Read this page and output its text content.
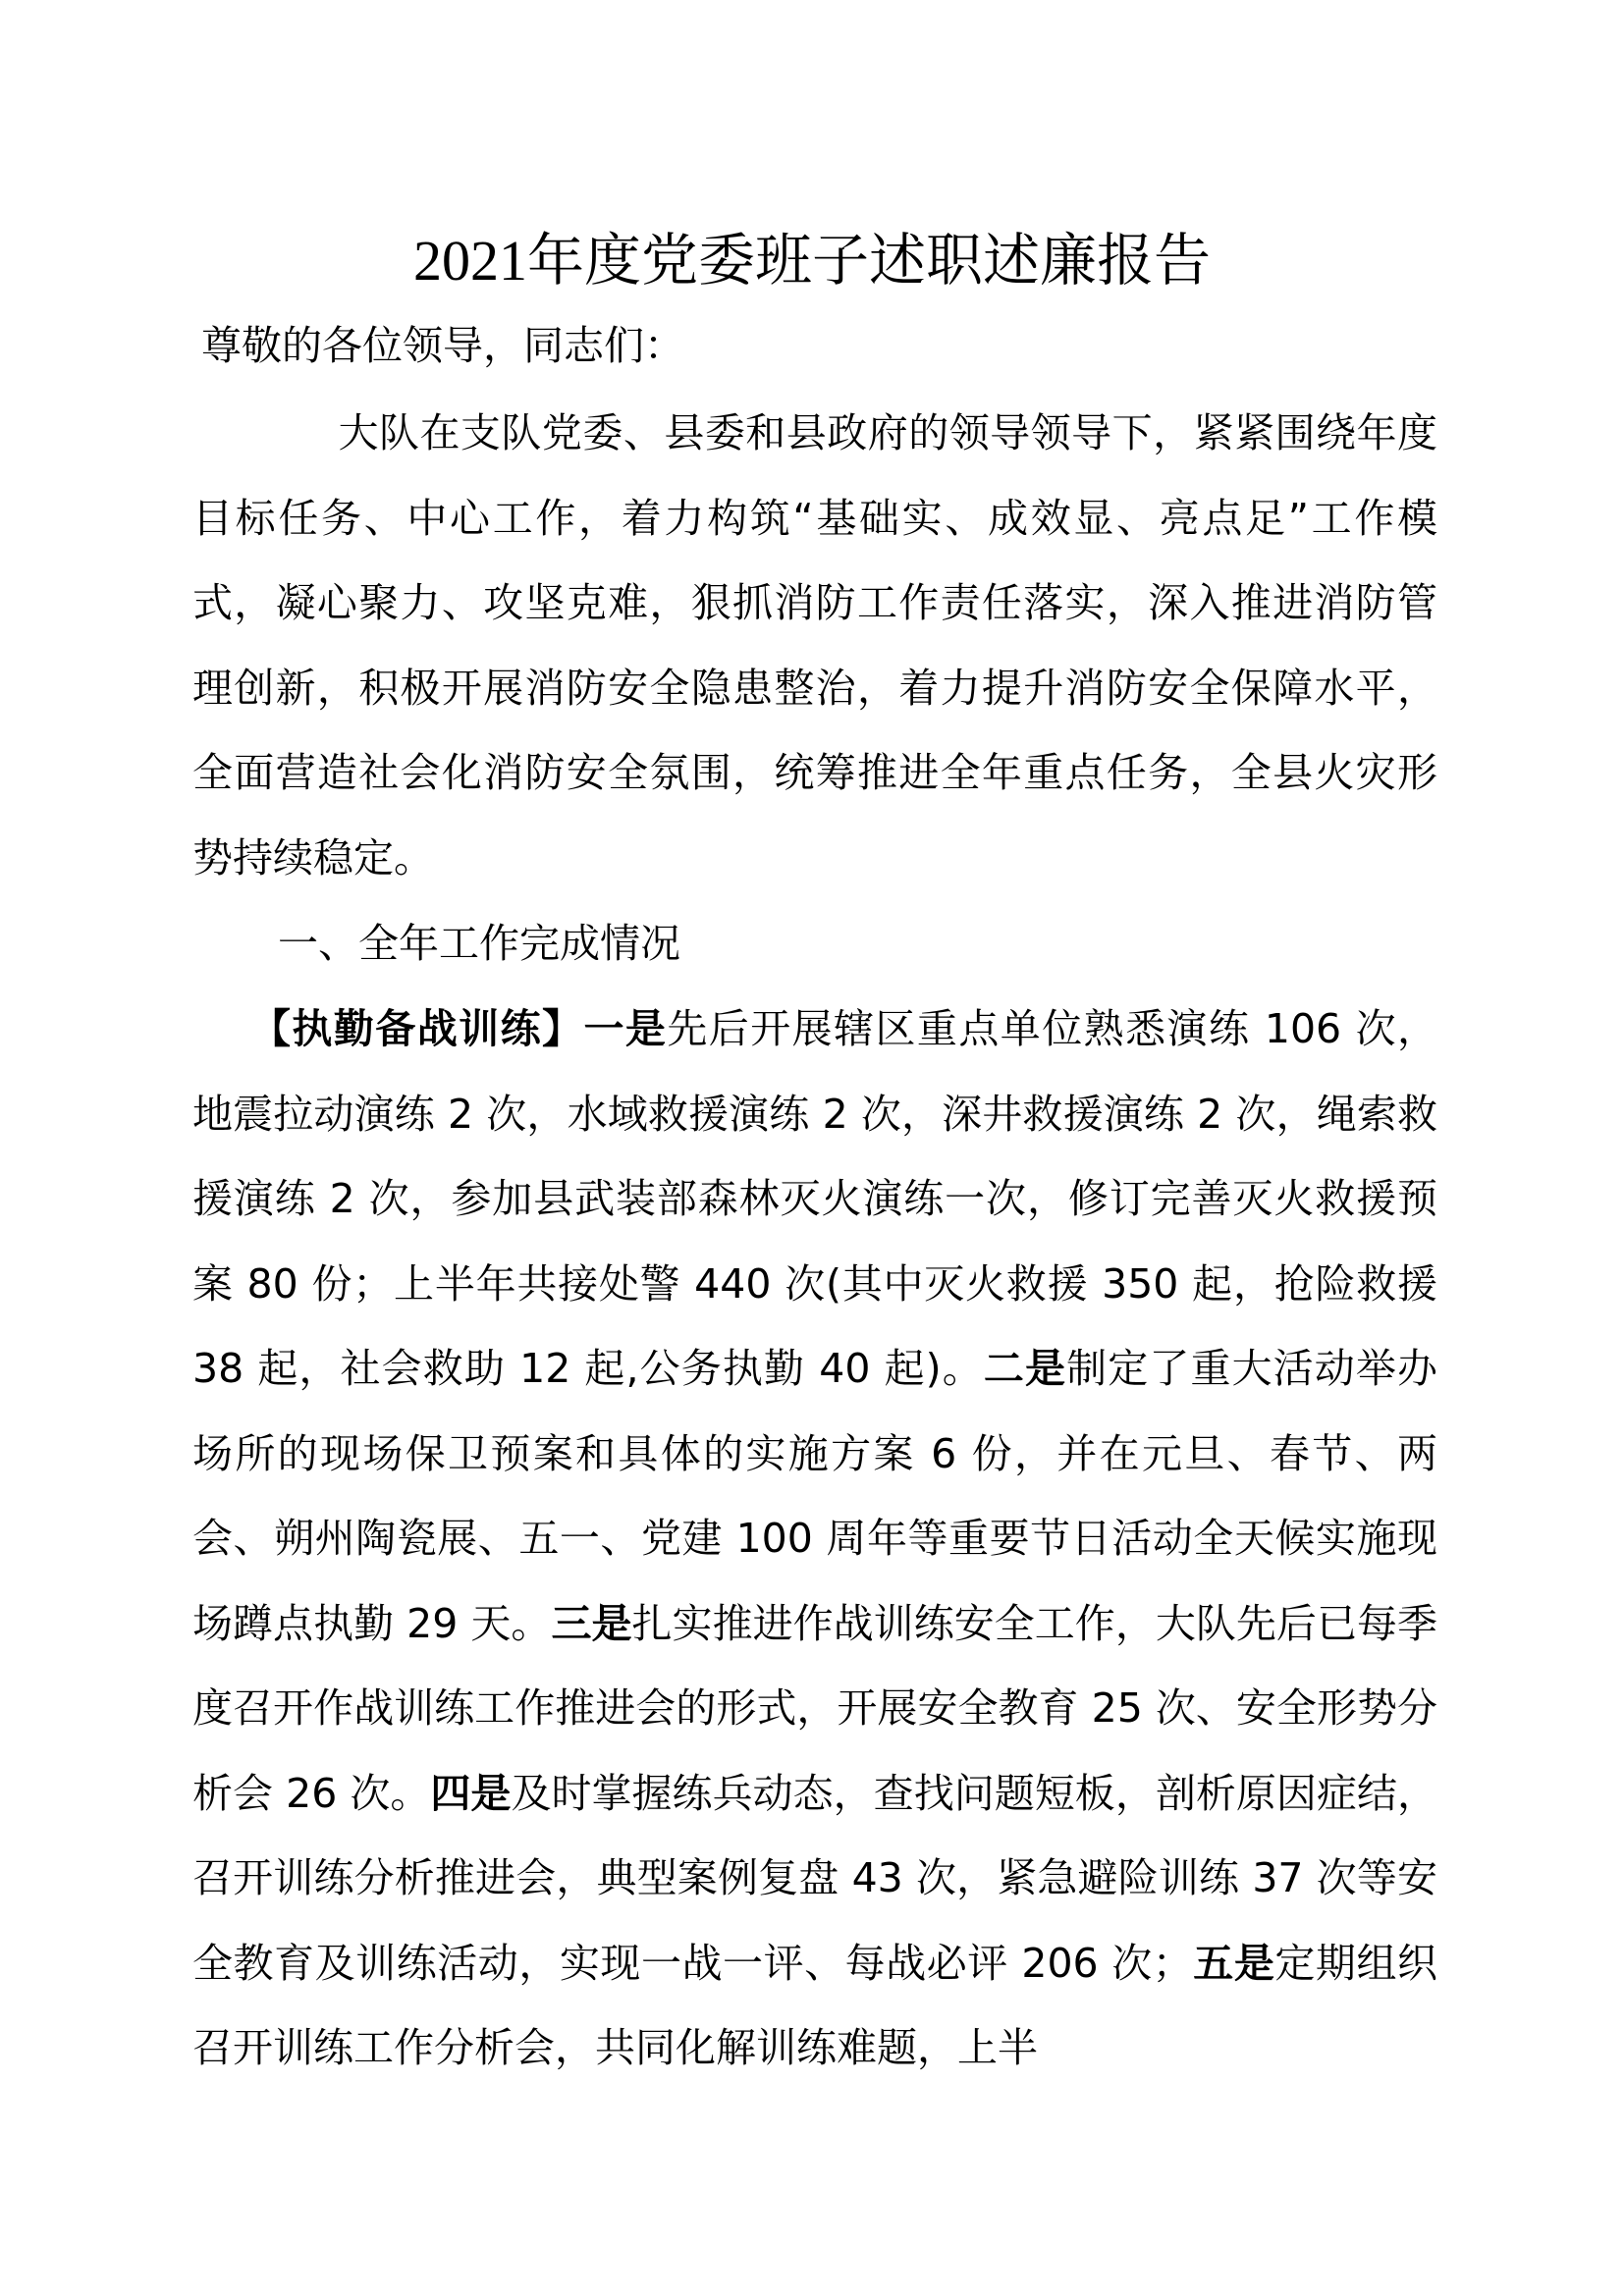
2021年度党委班子述职述廉报告
尊敬的各位领导，同志们：
大队在支队党委、县委和县政府的领导领导下，紧紧围绕年度目标任务、中心工作，着力构筑“基础实、成效显、亮点足”工作模式，凝心聚力、攻坚克难，狠抓消防工作责任落实，深入推进消防管理创新，积极开展消防安全隐患整治，着力提升消防安全保障水平，全面营造社会化消防安全氛围，统筹推进全年重点任务，全县火灾形势持续稳定。
一、全年工作完成情况
【执勤备战训练】一是先后开展辖区重点单位熟悉演练 106 次，地震拉动演练 2 次，水域救援演练 2 次，深井救援演练 2 次，绳索救援演练 2 次，参加县武装部森林灭火演练一次，修订完善灭火救援预案 80 份；上半年共接处警 440 次(其中灭火救援 350 起，抢险救援 38 起，社会救助 12 起,公务执勤 40 起)。二是制定了重大活动举办场所的现场保卫预案和具体的实施方案 6 份，并在元旦、春节、两会、朔州陶瓷展、五一、党建 100 周年等重要节日活动全天候实施现场蹲点执勤 29 天。三是扎实推进作战训练安全工作，大队先后已每季度召开作战训练工作推进会的形式，开展安全教育 25 次、安全形势分析会 26 次。四是及时掌握练兵动态，查找问题短板，剖析原因症结，召开训练分析推进会，典型案例复盘 43 次，紧急避险训练 37 次等安全教育及训练活动，实现一战一评、每战必评 206 次；五是定期组织召开训练工作分析会，共同化解训练难题，上半
